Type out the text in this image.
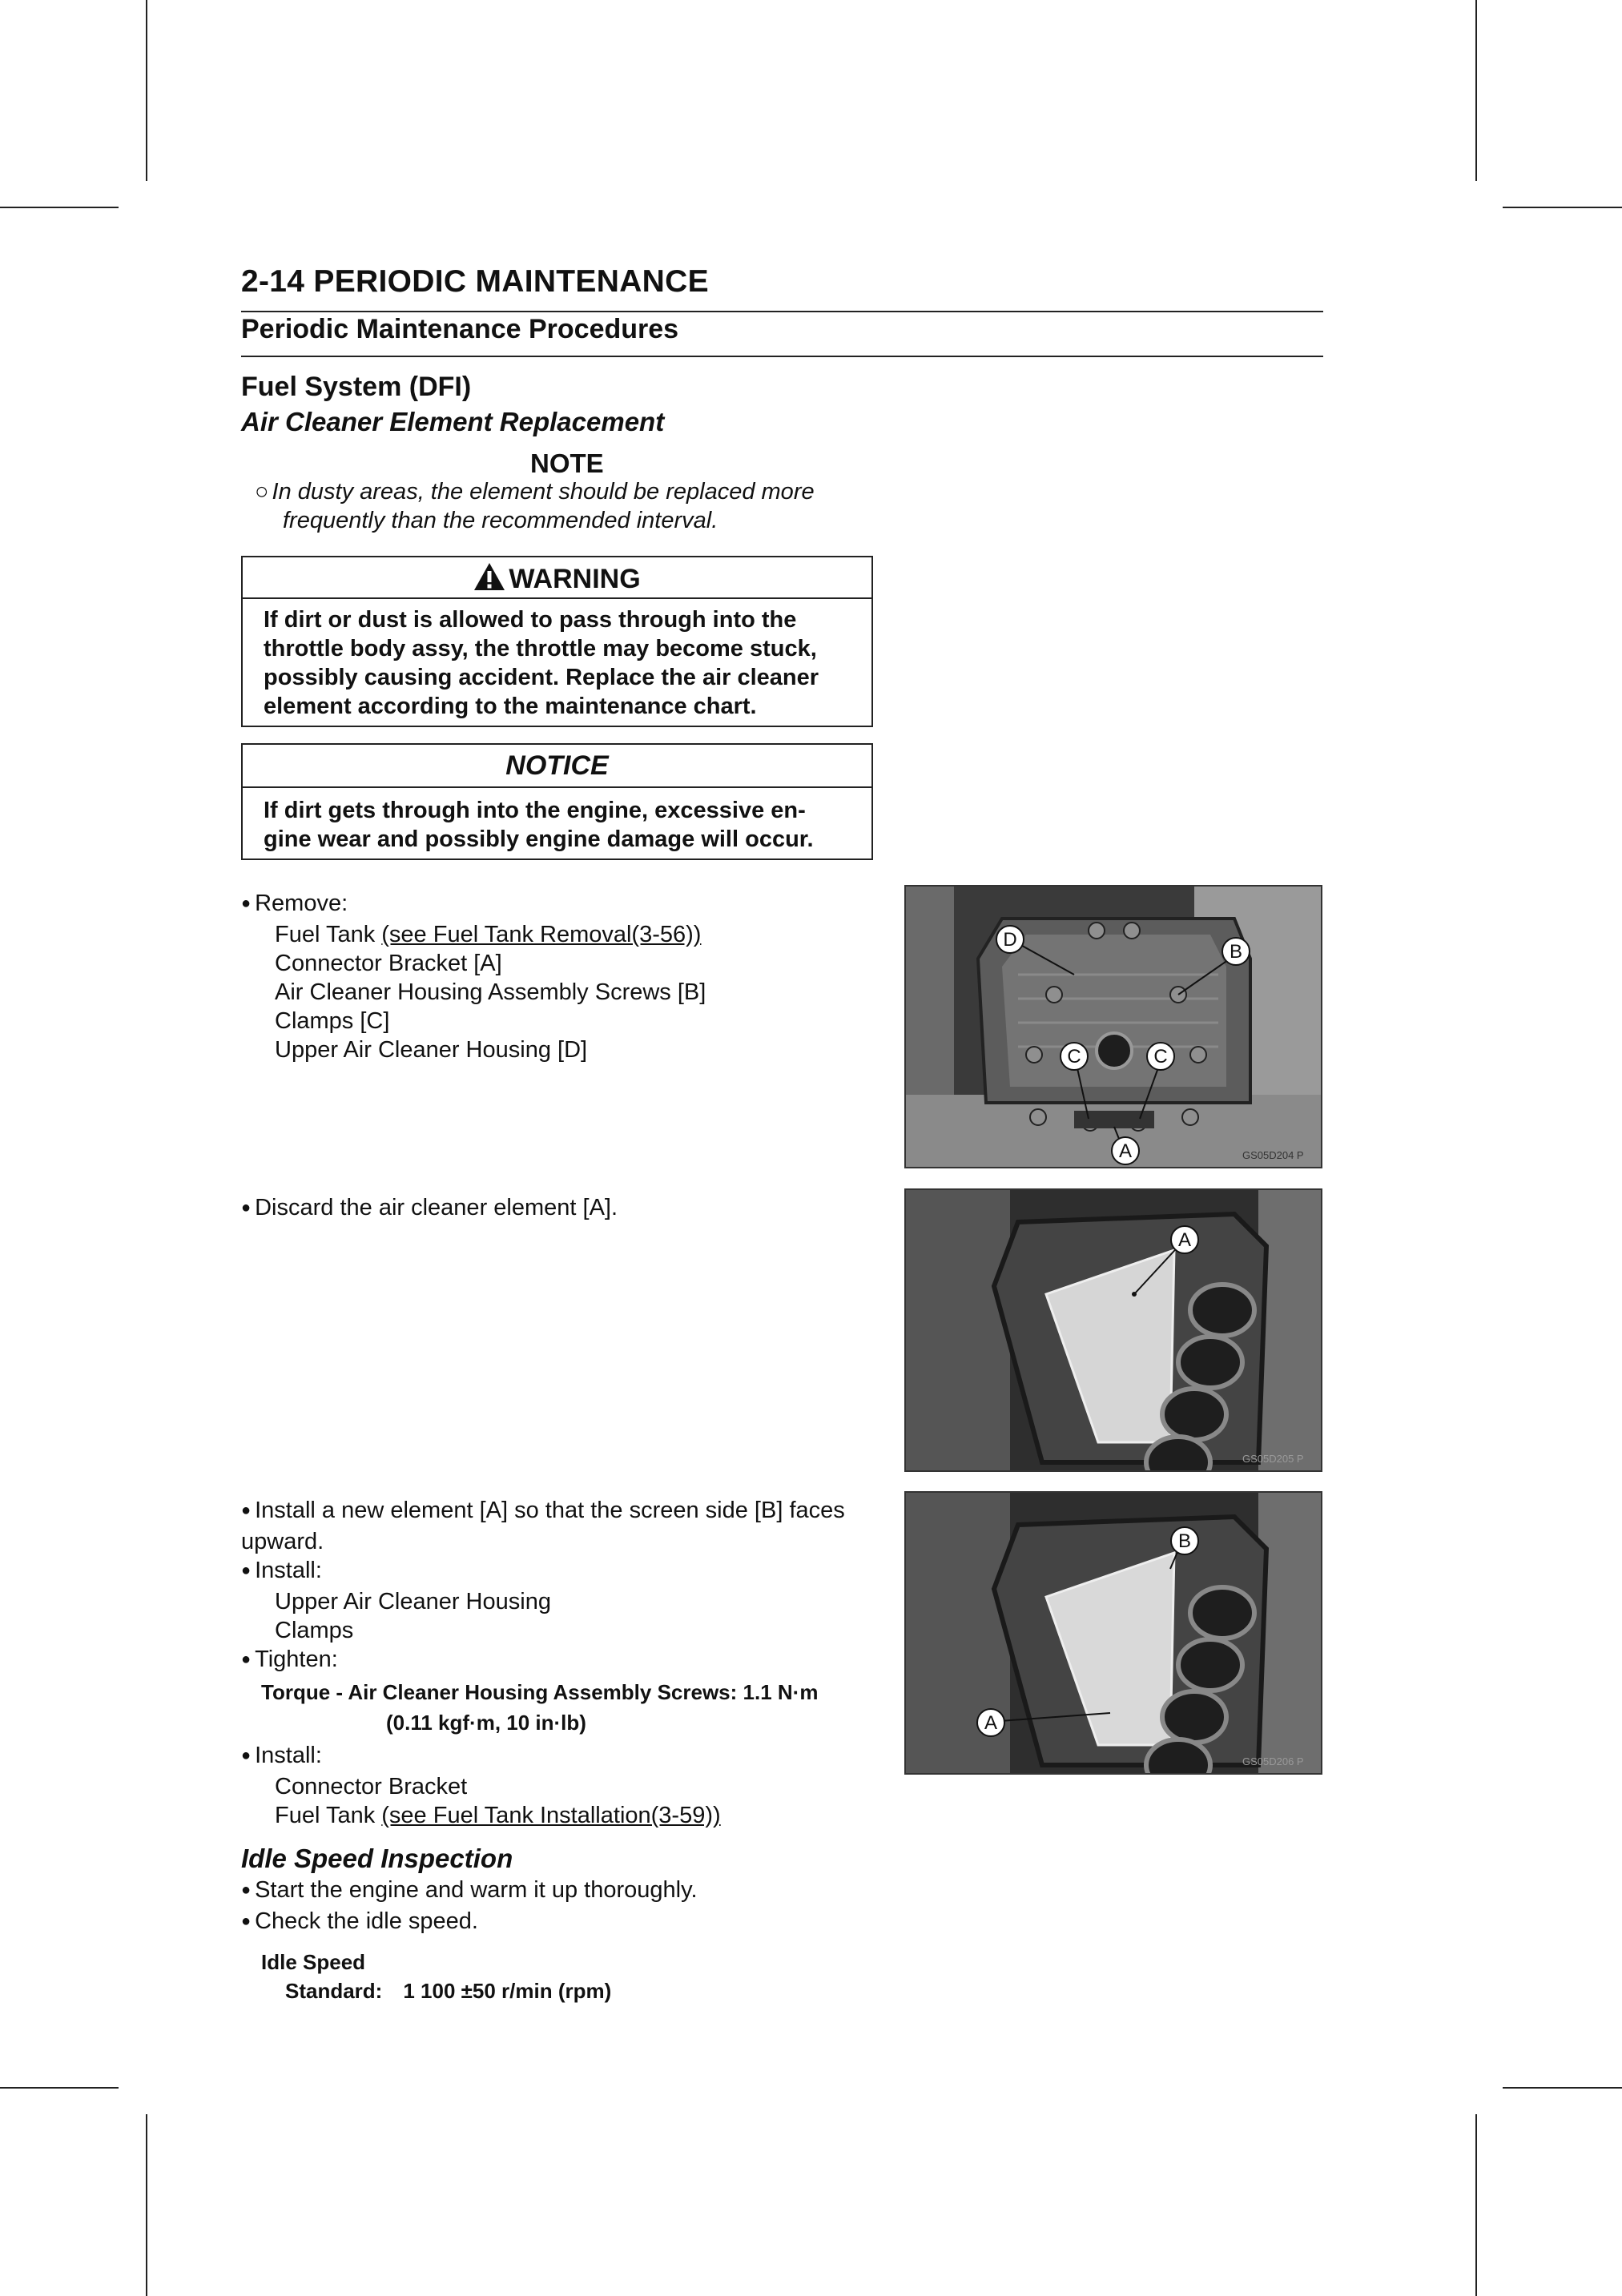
2-14 PERIODIC MAINTENANCE
Periodic Maintenance Procedures
Fuel System (DFI)
Air Cleaner Element Replacement
NOTE
○ In dusty areas, the element should be replaced more
frequently than the recommended interval.
WARNING
If dirt or dust is allowed to pass through into the
throttle body assy, the throttle may become stuck,
possibly causing accident. Replace the air cleaner
element according to the maintenance chart.
NOTICE
If dirt gets through into the engine, excessive en-
gine wear and possibly engine damage will occur.
● Remove:
Fuel Tank (see Fuel Tank Removal(3-56))
Connector Bracket [A]
Air Cleaner Housing Assembly Screws [B]
Clamps [C]
Upper Air Cleaner Housing [D]
● Discard the air cleaner element [A].
● Install a new element [A] so that the screen side [B] faces
upward.
● Install:
Upper Air Cleaner Housing
Clamps
● Tighten:
Torque - Air Cleaner Housing Assembly Screws: 1.1 N·m
(0.11 kgf·m, 10 in·lb)
● Install:
Connector Bracket
Fuel Tank (see Fuel Tank Installation(3-59))
Idle Speed Inspection
● Start the engine and warm it up thoroughly.
● Check the idle speed.
Idle Speed
Standard: 1 100 ±50 r/min (rpm)
D
B
C	C
A	GS05D204 P
A
GS05D205 P
B
A
GS05D206 P
